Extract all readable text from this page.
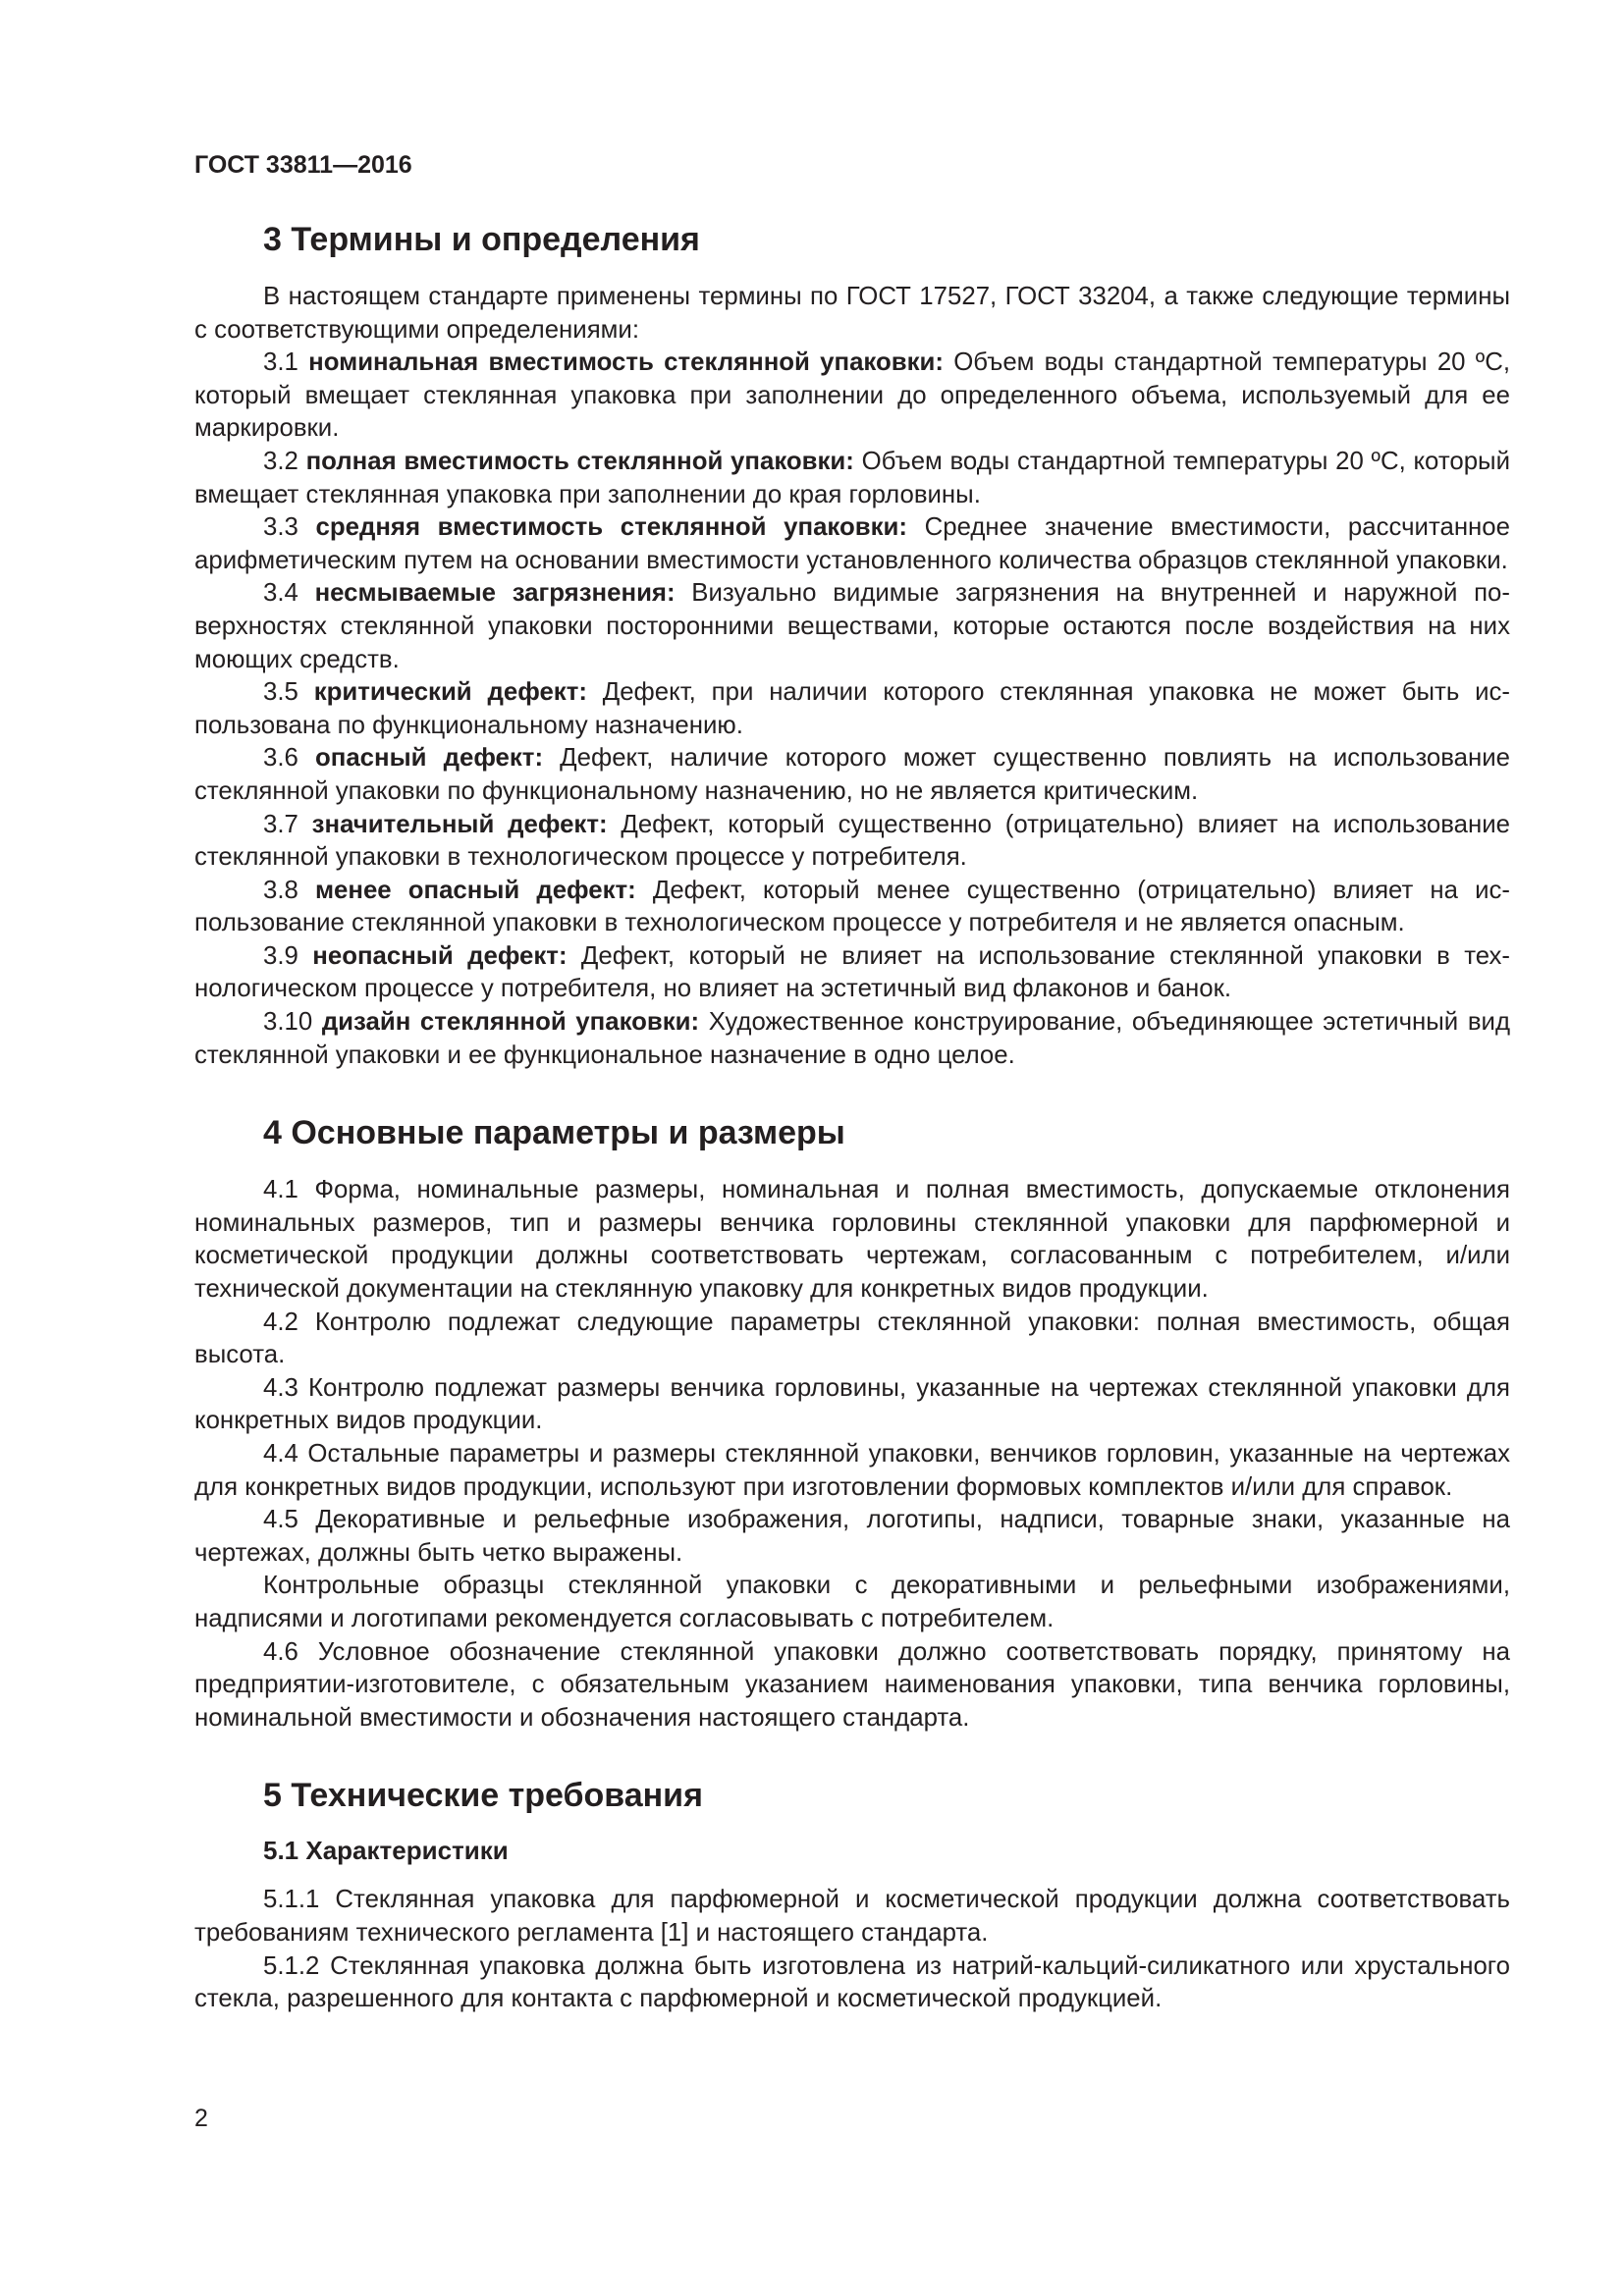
ГОСТ 33811—2016
3 Термины и определения

В настоящем стандарте применены термины по ГОСТ 17527, ГОСТ 33204, а также следующие термины с соответствующими определениями:

3.1 номинальная вместимость стеклянной упаковки: Объем воды стандартной температуры 20 ºС, который вмещает стеклянная упаковка при заполнении до определенного объема, используемый для ее маркировки.

3.2 полная вместимость стеклянной упаковки: Объем воды стандартной температуры 20 ºС, который вмещает стеклянная упаковка при заполнении до края горловины.

3.3 средняя вместимость стеклянной упаковки: Среднее значение вместимости, рассчитанное арифметическим путем на основании вместимости установленного количества образцов стеклянной упаковки.

3.4 несмываемые загрязнения: Визуально видимые загрязнения на внутренней и наружной поверхностях стеклянной упаковки посторонними веществами, которые остаются после воздействия на них моющих средств.

3.5 критический дефект: Дефект, при наличии которого стеклянная упаковка не может быть использована по функциональному назначению.

3.6 опасный дефект: Дефект, наличие которого может существенно повлиять на использование стеклянной упаковки по функциональному назначению, но не является критическим.

3.7 значительный дефект: Дефект, который существенно (отрицательно) влияет на использование стеклянной упаковки в технологическом процессе у потребителя.

3.8 менее опасный дефект: Дефект, который менее существенно (отрицательно) влияет на использование стеклянной упаковки в технологическом процессе у потребителя и не является опасным.

3.9 неопасный дефект: Дефект, который не влияет на использование стеклянной упаковки в технологическом процессе у потребителя, но влияет на эстетичный вид флаконов и банок.

3.10 дизайн стеклянной упаковки: Художественное конструирование, объединяющее эстетичный вид стеклянной упаковки и ее функциональное назначение в одно целое.

4 Основные параметры и размеры

4.1 Форма, номинальные размеры, номинальная и полная вместимость, допускаемые отклонения номинальных размеров, тип и размеры венчика горловины стеклянной упаковки для парфюмерной и косметической продукции должны соответствовать чертежам, согласованным с потребителем, и/или технической документации на стеклянную упаковку для конкретных видов продукции.

4.2 Контролю подлежат следующие параметры стеклянной упаковки: полная вместимость, общая высота.

4.3 Контролю подлежат размеры венчика горловины, указанные на чертежах стеклянной упаковки для конкретных видов продукции.

4.4 Остальные параметры и размеры стеклянной упаковки, венчиков горловин, указанные на чертежах для конкретных видов продукции, используют при изготовлении формовых комплектов и/или для справок.

4.5 Декоративные и рельефные изображения, логотипы, надписи, товарные знаки, указанные на чертежах, должны быть четко выражены.

Контрольные образцы стеклянной упаковки с декоративными и рельефными изображениями, надписями и логотипами рекомендуется согласовывать с потребителем.

4.6 Условное обозначение стеклянной упаковки должно соответствовать порядку, принятому на предприятии-изготовителе, с обязательным указанием наименования упаковки, типа венчика горловины, номинальной вместимости и обозначения настоящего стандарта.

5 Технические требования
5.1 Характеристики

5.1.1 Стеклянная упаковка для парфюмерной и косметической продукции должна соответствовать требованиям технического регламента [1] и настоящего стандарта.

5.1.2 Стеклянная упаковка должна быть изготовлена из натрий-кальций-силикатного или хрустального стекла, разрешенного для контакта с парфюмерной и косметической продукцией.

2
